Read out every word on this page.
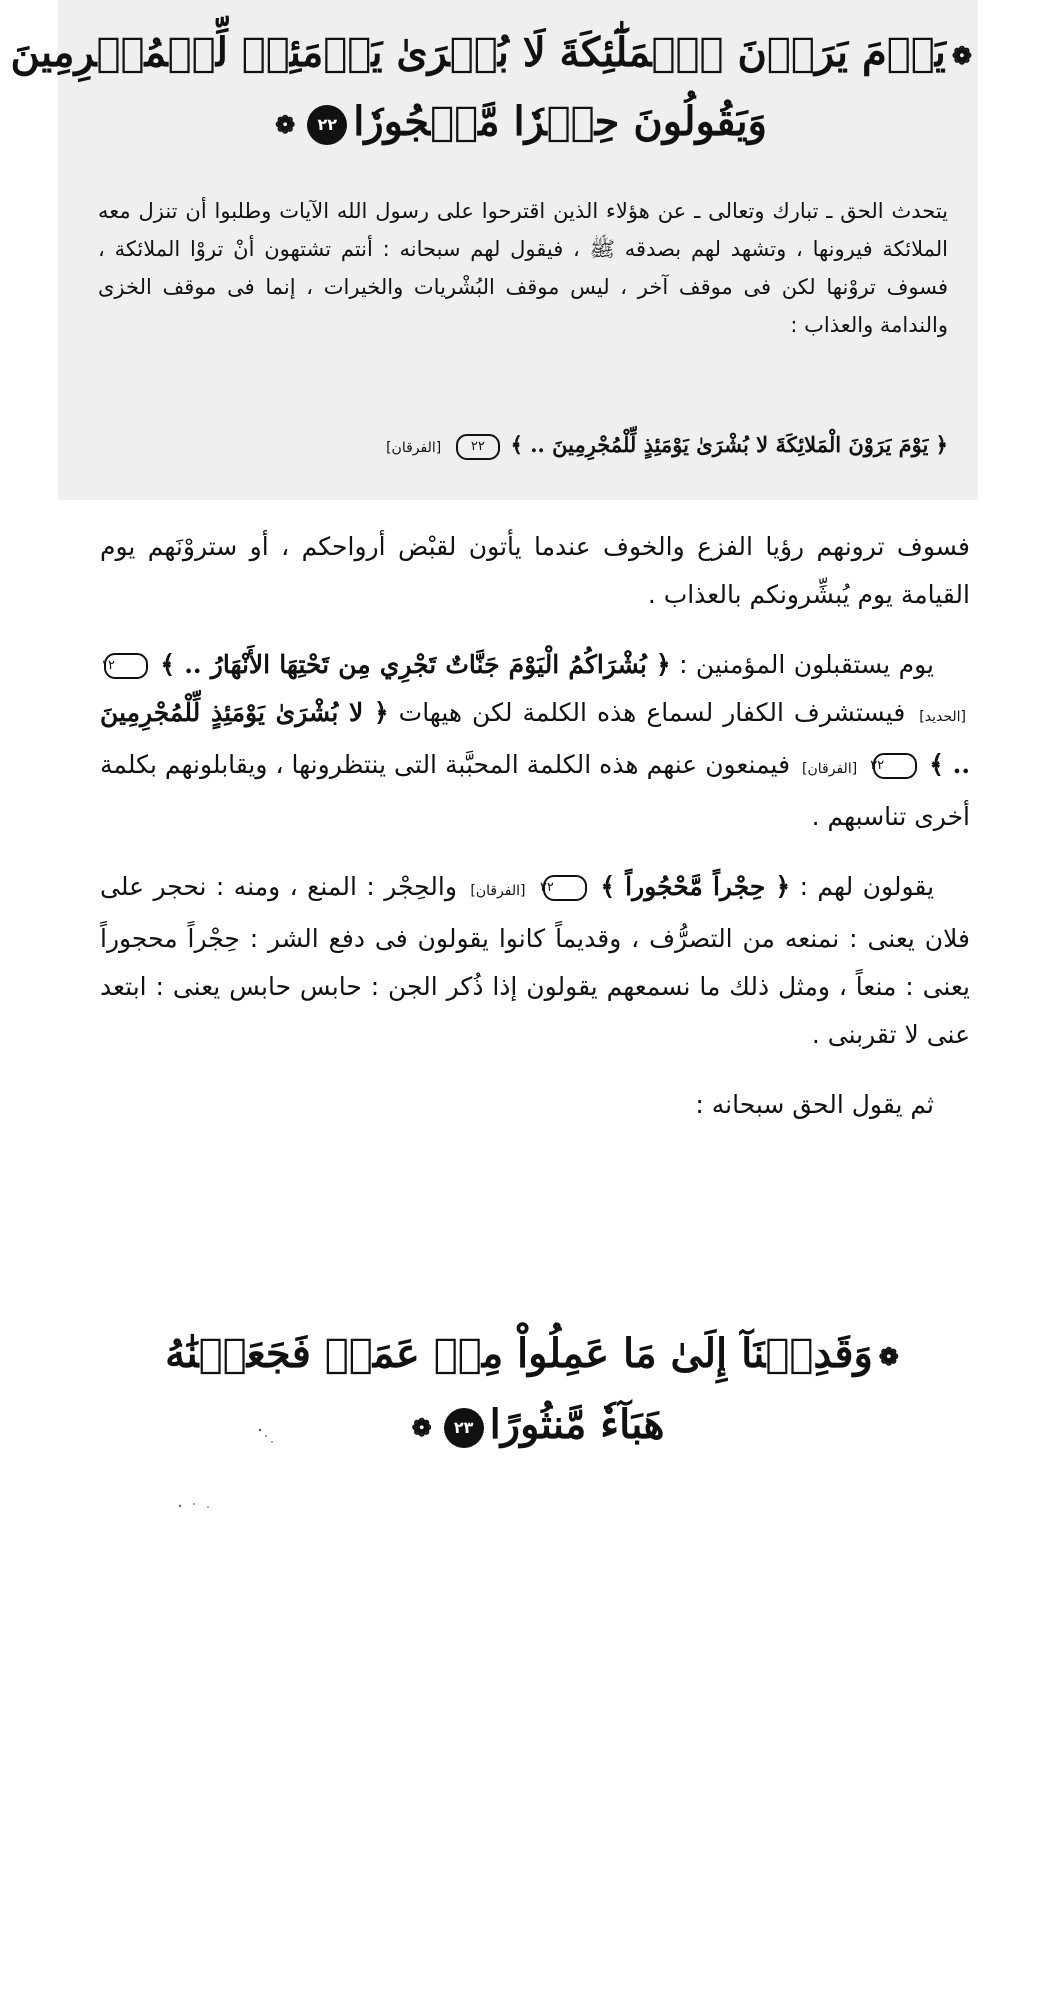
❁يَوۡمَ يَرَوۡنَ ٱلۡمَلَٰٓئِكَةَ لَا بُشۡرَىٰ يَوۡمَئِذٖ لِّلۡمُجۡرِمِينَ
وَيَقُولُونَ حِجۡرٗا مَّحۡجُورٗا٢٢❁

يتحدث الحق ـ تبارك وتعالى ـ عن هؤلاء الذين اقترحوا على رسول الله الآيات وطلبوا أن تنزل معه الملائكة فيرونها ، وتشهد لهم بصدقه ﷺ ، فيقول لهم سبحانه : أنتم تشتهون أنْ تروْا الملائكة ، فسوف تروْنها لكن فى موقف آخر ، ليس موقف البُشْريات والخيرات ، إنما فى موقف الخزى والندامة والعذاب :

﴿ يَوْمَ يَرَوْنَ الْمَلائِكَةَ لا بُشْرَىٰ يَوْمَئِذٍ لِّلْمُجْرِمِينَ .. ﴾ ٢٢ [الفرقان]

فسوف ترونهم رؤيا الفزع والخوف عندما يأتون لقبْض أرواحكم ، أو ستروْنَهم يوم القيامة يوم يُبشِّرونكم بالعذاب .

يوم يستقبلون المؤمنين : ﴿ بُشْرَاكُمُ الْيَوْمَ جَنَّاتٌ تَجْرِي مِن تَحْتِهَا الأَنْهَارُ .. ﴾ ١٢ [الحديد] فيستشرف الكفار لسماع هذه الكلمة لكن هيهات ﴿ لا بُشْرَىٰ يَوْمَئِذٍ لِّلْمُجْرِمِينَ .. ﴾ ٢٢ [الفرقان] فيمنعون عنهم هذه الكلمة المحبَّبة التى ينتظرونها ، ويقابلونهم بكلمة أخرى تناسبهم .

يقولون لهم : ﴿ حِجْراً مَّحْجُوراً ﴾ ٢٢ [الفرقان] والحِجْر : المنع ، ومنه : نحجر على فلان يعنى : نمنعه من التصرُّف ، وقديماً كانوا يقولون فى دفع الشر : حِجْراً محجوراً يعنى : منعاً ، ومثل ذلك ما نسمعهم يقولون إذا ذُكر الجن : حابس حابس يعنى : ابتعد عنى لا تقربنى .

ثم يقول الحق سبحانه :

❁وَقَدِمۡنَآ إِلَىٰ مَا عَمِلُواْ مِنۡ عَمَلٖ فَجَعَلۡنَٰهُ
هَبَآءٗ مَّنثُورًا٢٣❁
